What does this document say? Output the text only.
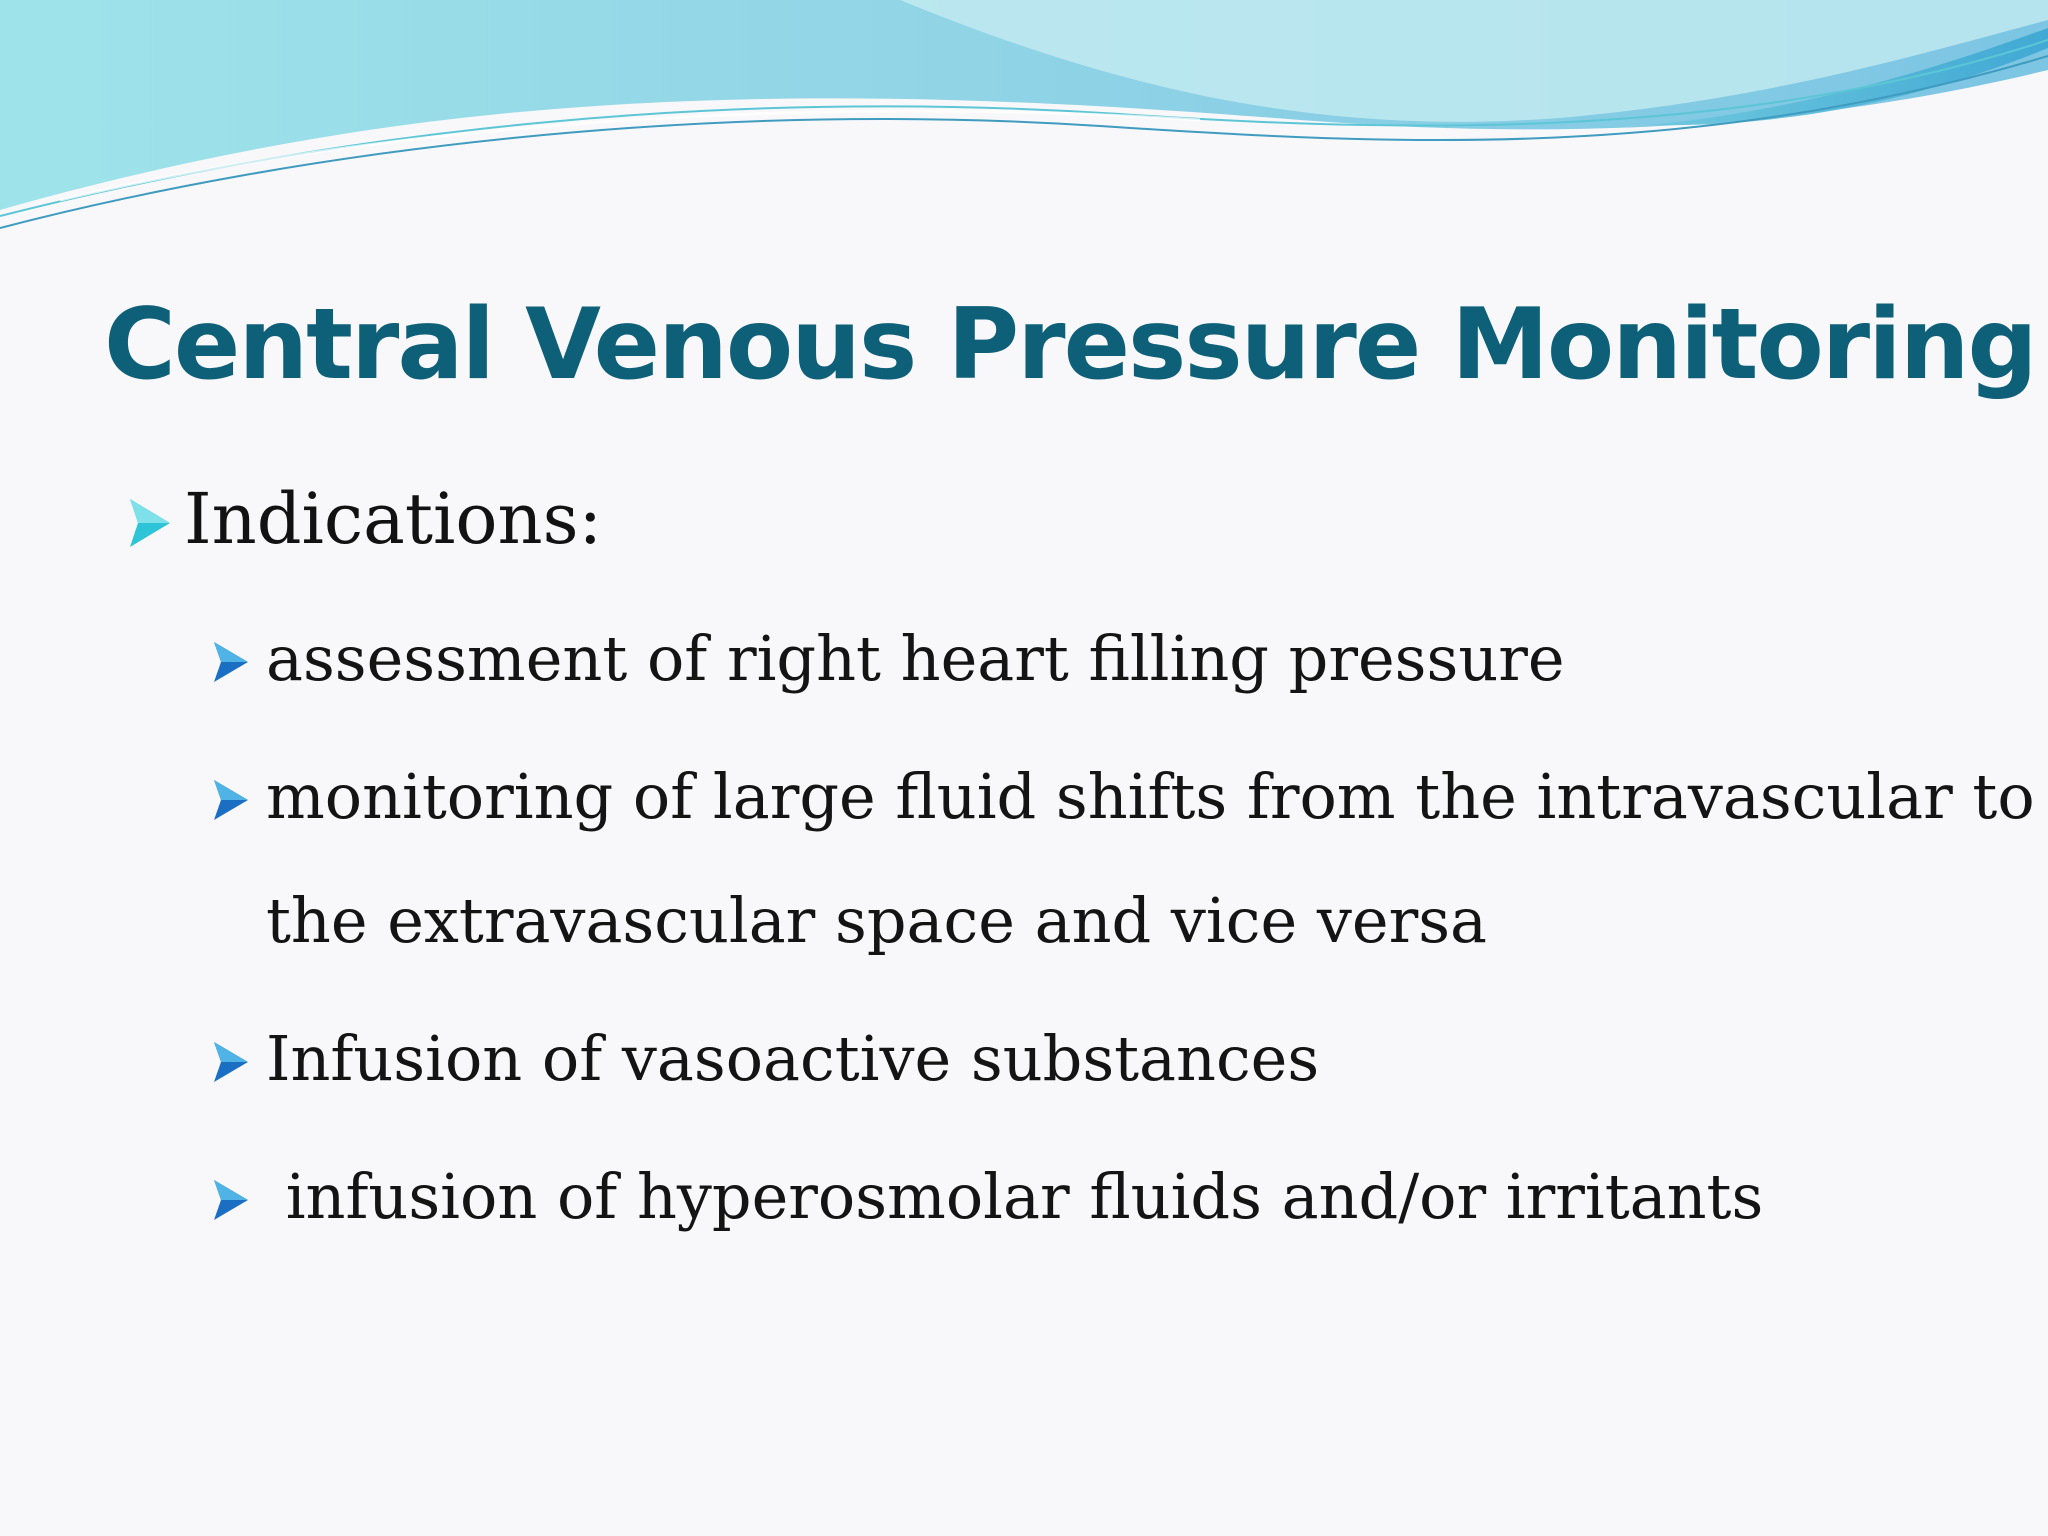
Central Venous Pressure Monitoring
Indications:
assessment of right heart filling pressure
monitoring of large fluid shifts from the intravascular to
the extravascular space and vice versa
Infusion of vasoactive substances
infusion of hyperosmolar fluids and/or irritants
